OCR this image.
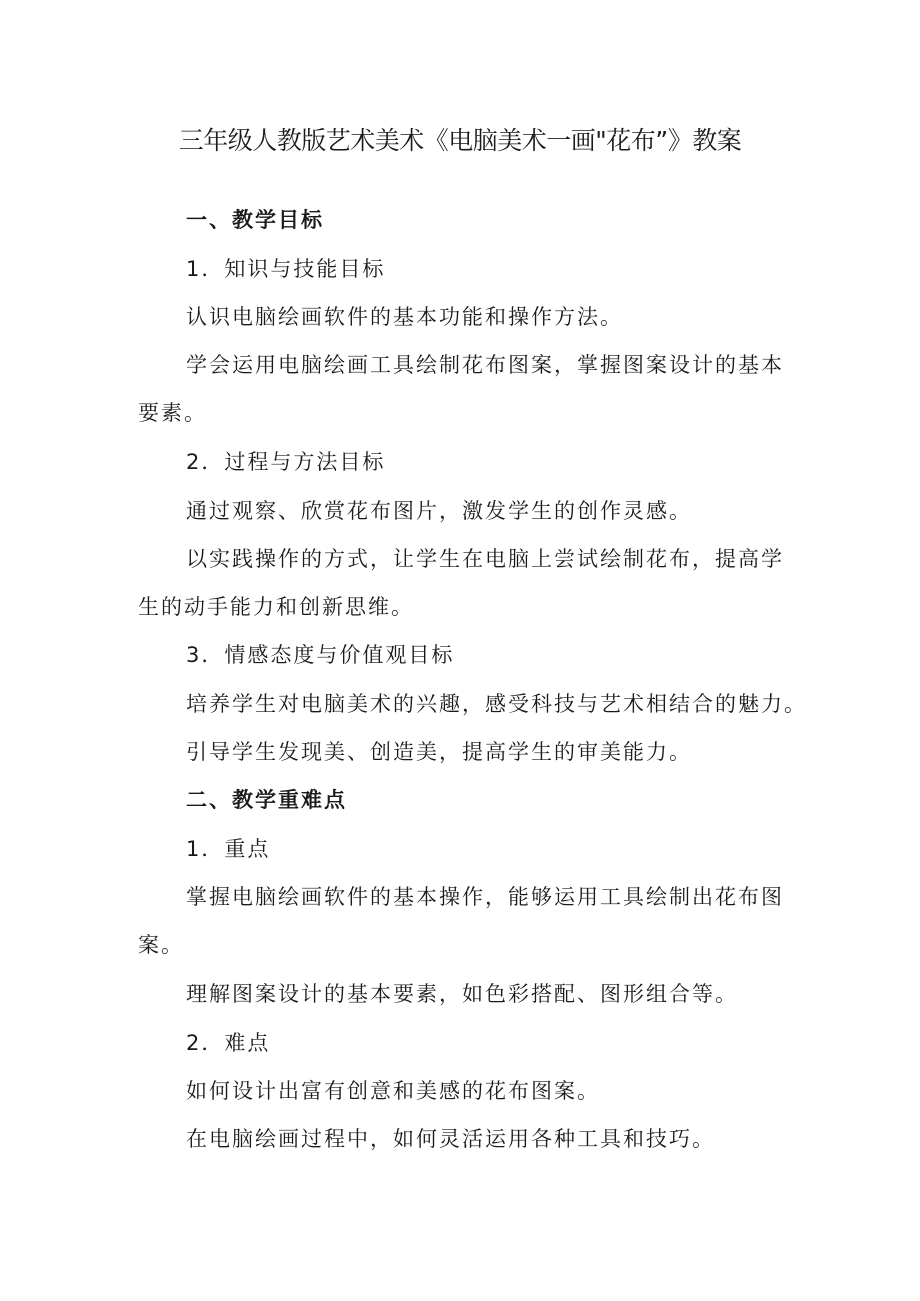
三年级人教版艺术美术《电脑美术一画"花布”》教案
一、教学目标
1．知识与技能目标
认识电脑绘画软件的基本功能和操作方法。
学会运用电脑绘画工具绘制花布图案，掌握图案设计的基本
要素。
2．过程与方法目标
通过观察、欣赏花布图片，激发学生的创作灵感。
以实践操作的方式，让学生在电脑上尝试绘制花布，提高学
生的动手能力和创新思维。
3．情感态度与价值观目标
培养学生对电脑美术的兴趣，感受科技与艺术相结合的魅力。
引导学生发现美、创造美，提高学生的审美能力。
二、教学重难点
1．重点
掌握电脑绘画软件的基本操作，能够运用工具绘制出花布图
案。
理解图案设计的基本要素，如色彩搭配、图形组合等。
2．难点
如何设计出富有创意和美感的花布图案。
在电脑绘画过程中，如何灵活运用各种工具和技巧。
